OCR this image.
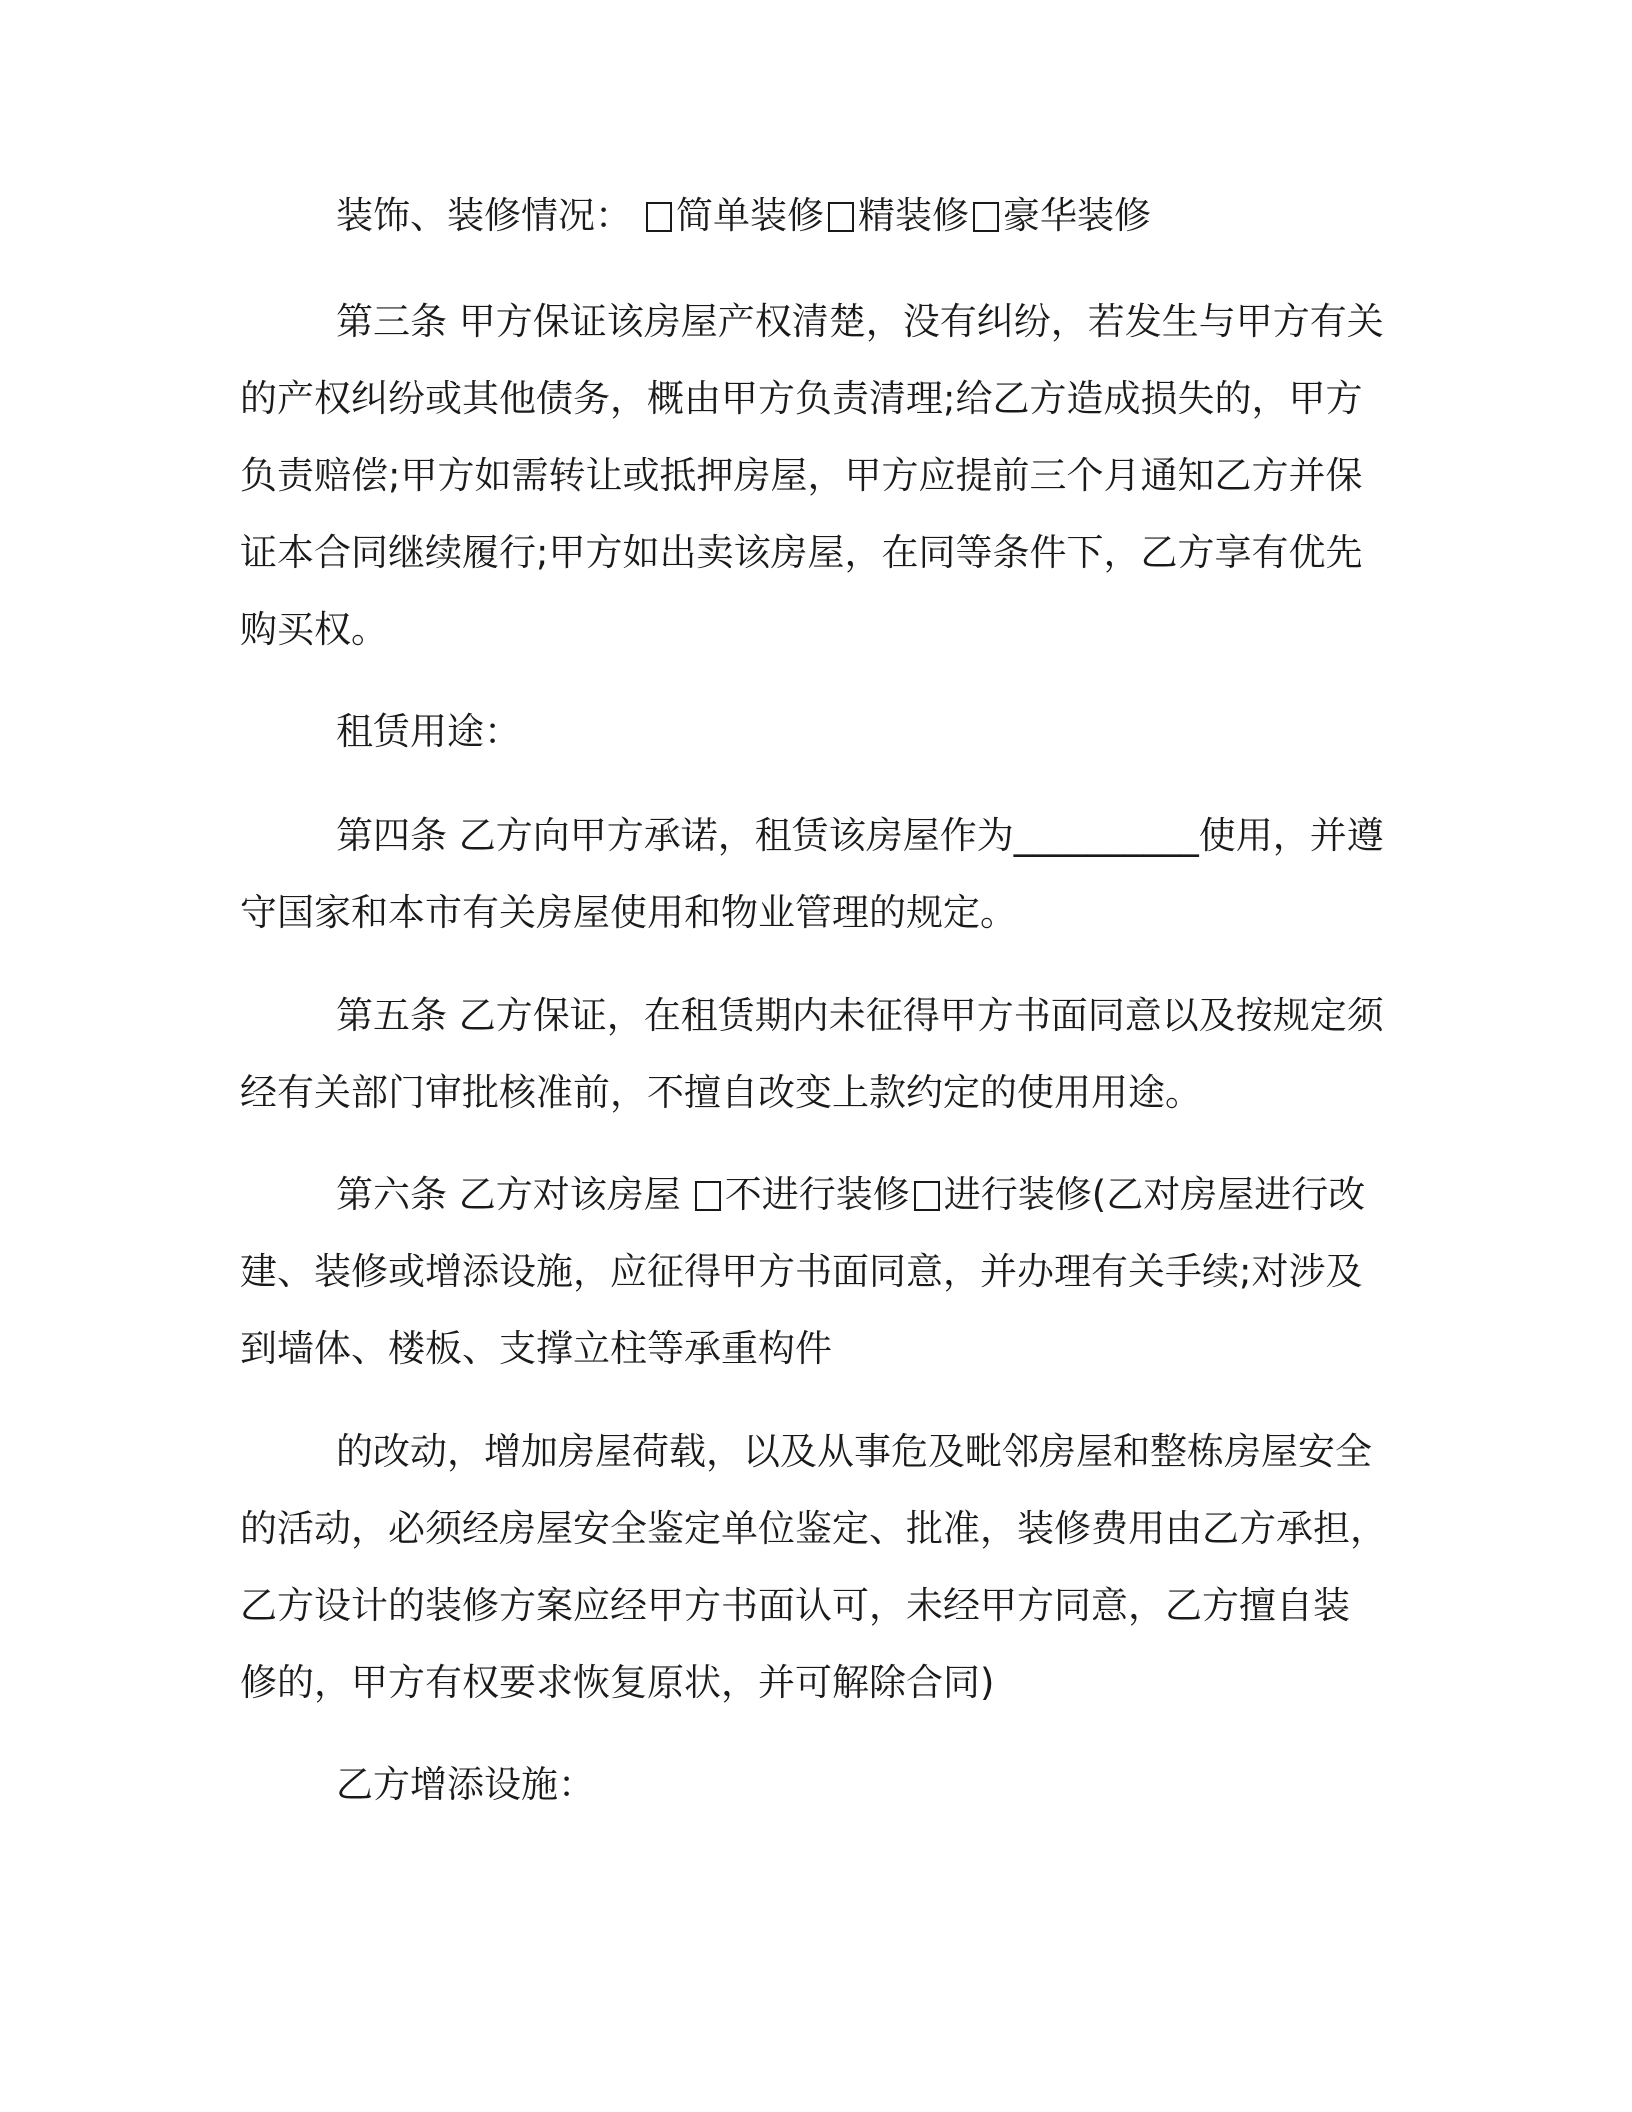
装饰、装修情况： 简单装修 精装修 豪华装修
第三条 甲方保证该房屋产权清楚，没有纠纷，若发生与甲方有关
的产权纠纷或其他债务，概由甲方负责清理;给乙方造成损失的，甲方
负责赔偿;甲方如需转让或抵押房屋，甲方应提前三个月通知乙方并保
证本合同继续履行;甲方如出卖该房屋，在同等条件下，乙方享有优先
购买权。
租赁用途：
第四条 乙方向甲方承诺，租赁该房屋作为__________使用，并遵
守国家和本市有关房屋使用和物业管理的规定。
第五条 乙方保证，在租赁期内未征得甲方书面同意以及按规定须
经有关部门审批核准前，不擅自改变上款约定的使用用途。
第六条 乙方对该房屋 不进行装修 进行装修(乙对房屋进行改
建、装修或增添设施，应征得甲方书面同意，并办理有关手续;对涉及
到墙体、楼板、支撑立柱等承重构件
的改动，增加房屋荷载，以及从事危及毗邻房屋和整栋房屋安全
的活动，必须经房屋安全鉴定单位鉴定、批准，装修费用由乙方承担，
乙方设计的装修方案应经甲方书面认可，未经甲方同意，乙方擅自装
修的，甲方有权要求恢复原状，并可解除合同)
乙方增添设施：
